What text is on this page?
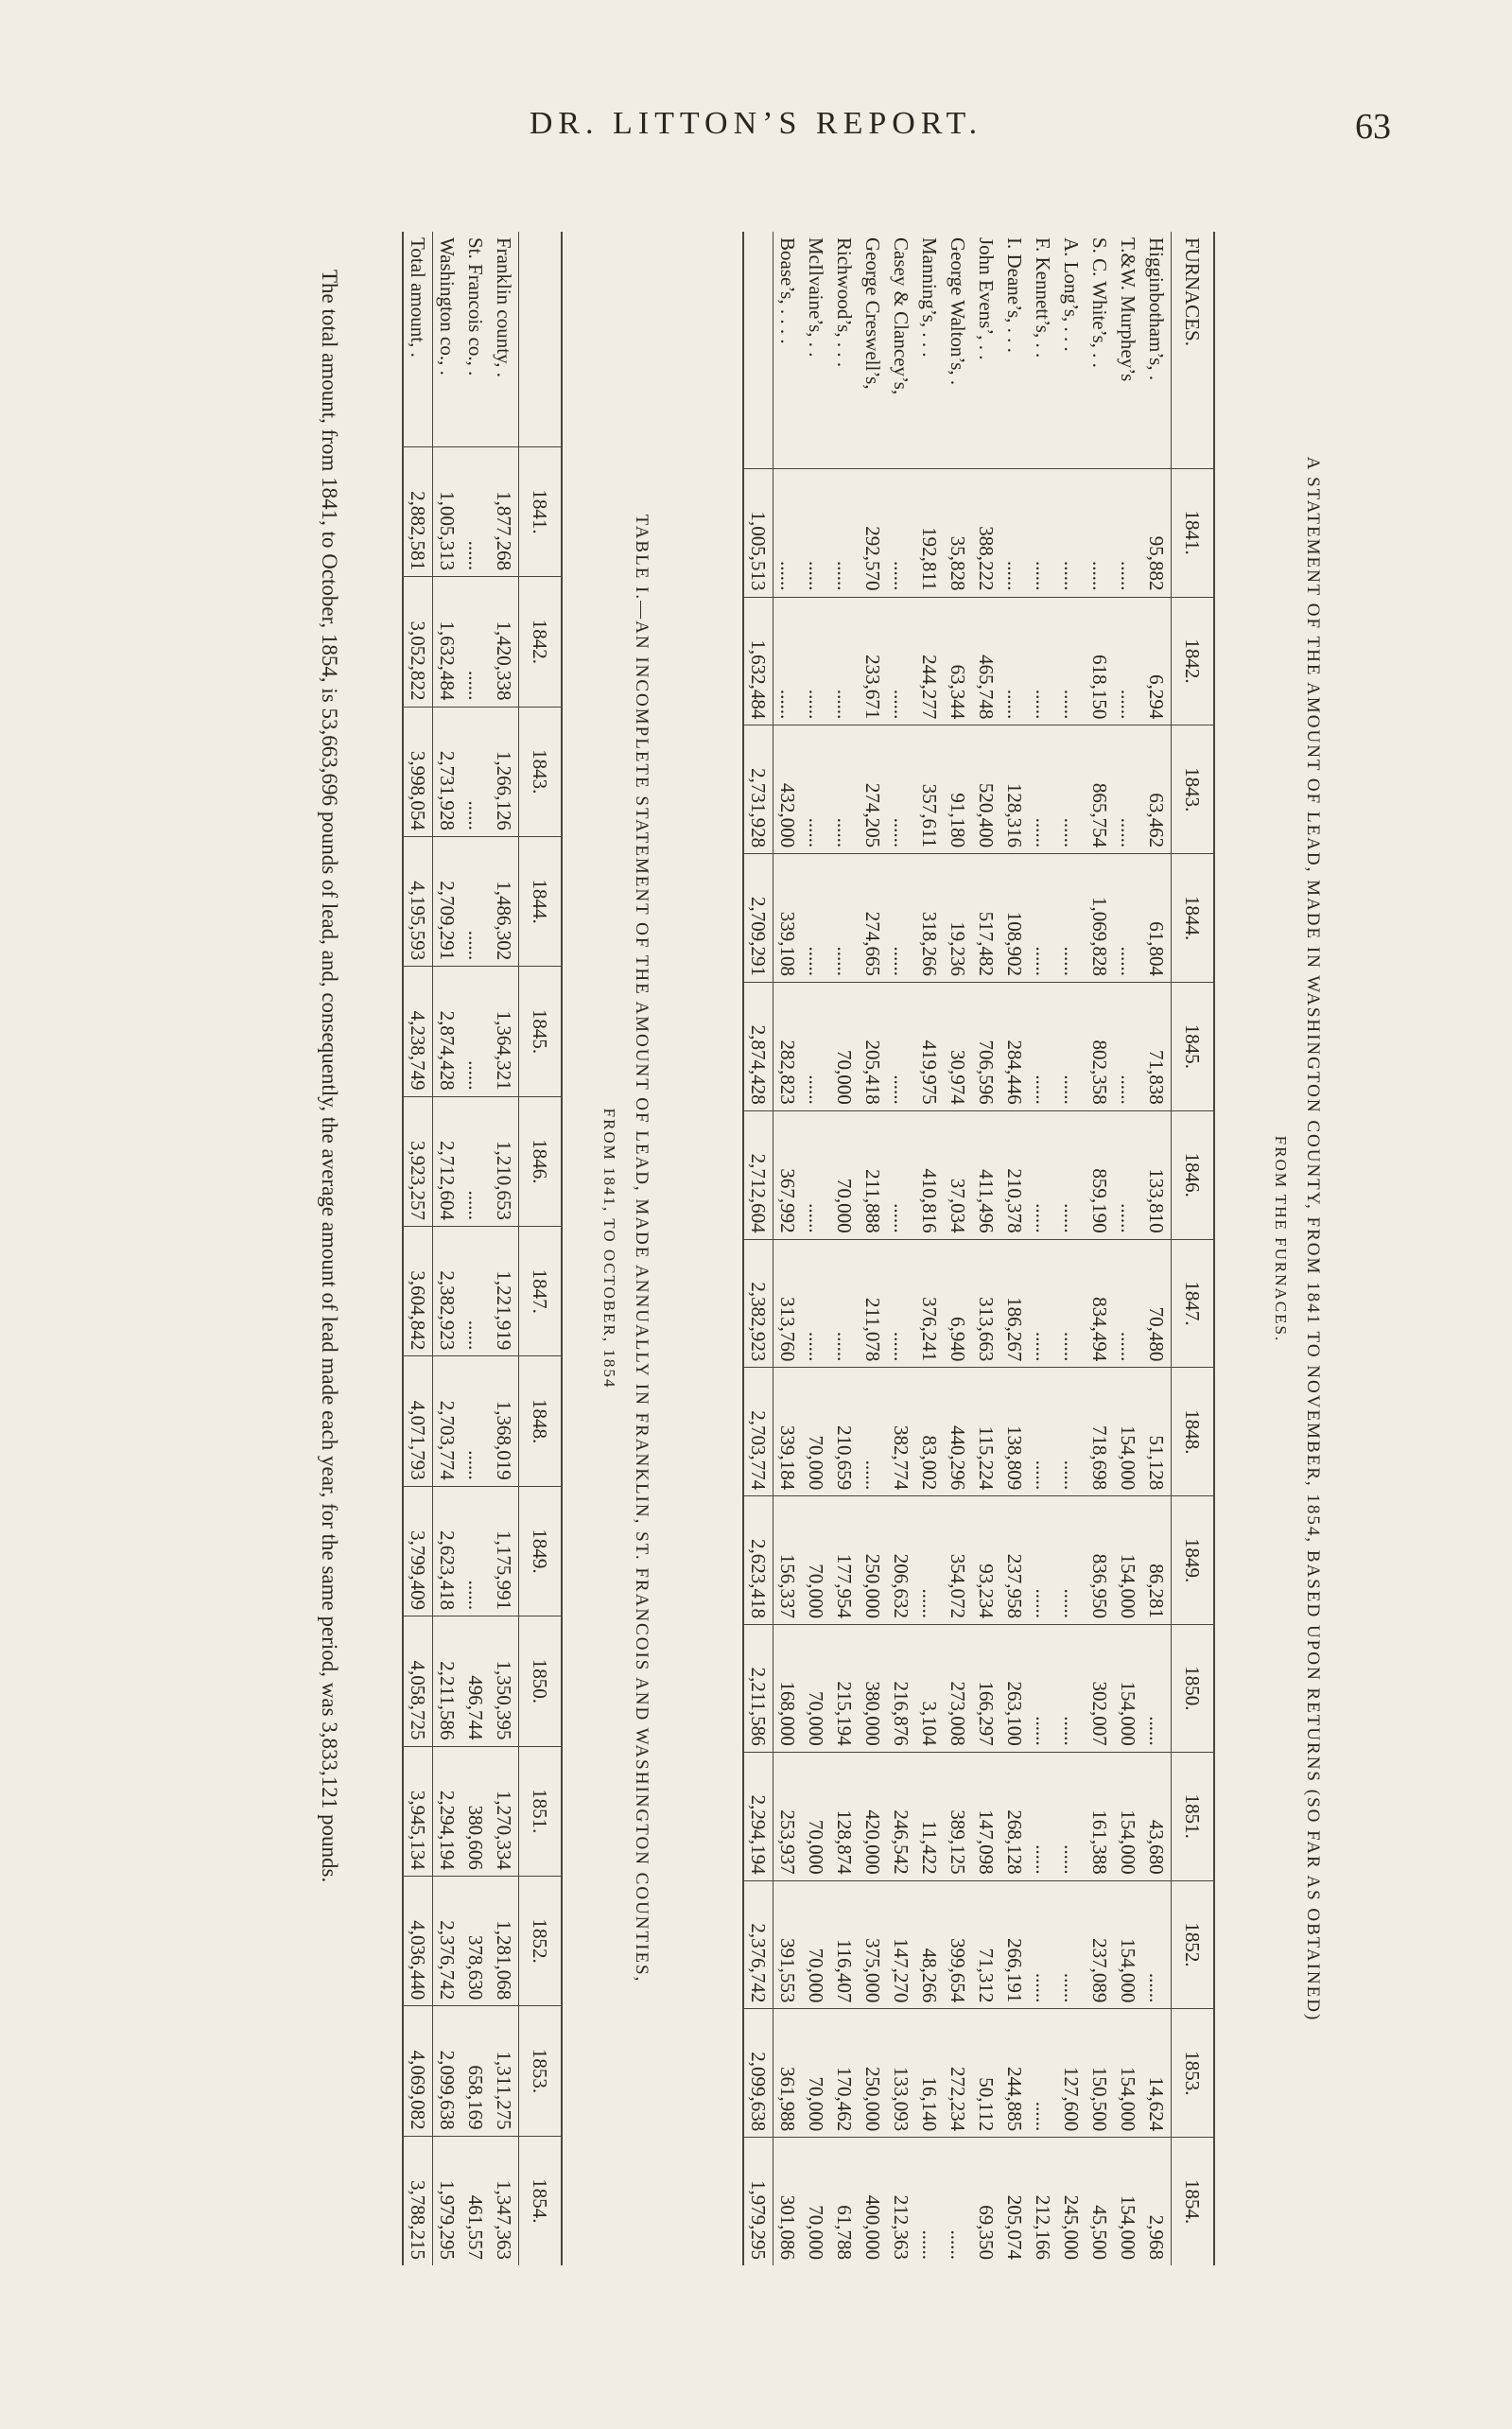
DR. LITTON’S REPORT.	63
A STATEMENT OF THE AMOUNT OF LEAD, MADE IN WASHINGTON COUNTY, FROM 1841 TO NOVEMBER, 1854, BASED UPON RETURNS (SO FAR AS OBTAINED)
FROM THE FURNACES.
FURNACES.	1841.	1842.	1843.	1844.	1845.	1846.	1847.	1848.	1849.	1850.	1851.	1852.	1853.	1854.
Higginbotham’s, .	95,882	6,294	63,462	61,804	71,838	133,810	70,480	51,128	86,281	......	43,680	......	14,624	2,968
T.&W. Murphey’s	......	......	......	......	......	......	......	154,000	154,000	154,000	154,000	154,000	154,000	154,000
S. C. White’s, . .	......	618,150	865,754	1,069,828	802,358	859,190	834,494	718,698	836,950	302,007	161,388	237,089	150,500	45,500
A. Long’s, . . .	......	......	......	......	......	......	......	......	......	......	......	......	127,600	245,000
F. Kennett’s, . .	......	......	......	......	......	......	......	......	......	......	......	......	......	212,166
I. Deane’s, . . .	......	......	128,316	108,902	284,446	210,378	186,267	138,809	237,958	263,100	268,128	266,191	244,885	205,074
John Evens’, . .	388,222	465,748	520,400	517,482	706,596	411,496	313,663	115,224	93,234	166,297	147,098	71,312	50,112	69,350
George Walton’s, .	35,828	63,344	91,180	19,236	30,974	37,034	6,940	440,296	354,072	273,008	389,125	399,654	272,234	......
Manning’s, . . .	192,811	244,277	357,611	318,266	419,975	410,816	376,241	83,002	......	3,104	11,422	48,266	16,140	......
Casey & Clancey’s,	......	......	......	......	......	......	......	382,774	206,632	216,876	246,542	147,270	133,093	212,363
George Creswell’s,	292,570	233,671	274,205	274,665	205,418	211,888	211,078	......	250,000	380,000	420,000	375,000	250,000	400,000
Richwood’s, . . .	......	......	......	......	70,000	70,000	......	210,659	177,954	215,194	128,874	116,407	170,462	61,788
McIlvaine’s, . .	......	......	......	......	......	......	......	70,000	70,000	70,000	70,000	70,000	70,000	70,000
Boase’s, . . . .	......	......	432,000	339,108	282,823	367,992	313,760	339,184	156,337	168,000	253,937	391,553	361,988	301,086
	1,005,513	1,632,484	2,731,928	2,709,291	2,874,428	2,712,604	2,382,923	2,703,774	2,623,418	2,211,586	2,294,194	2,376,742	2,099,638	1,979,295
TABLE I.—AN INCOMPLETE STATEMENT OF THE AMOUNT OF LEAD, MADE ANNUALLY IN FRANKLIN, ST. FRANCOIS AND WASHINGTON COUNTIES,
FROM 1841, TO OCTOBER, 1854
	1841.	1842.	1843.	1844.	1845.	1846.	1847.	1848.	1849.	1850.	1851.	1852.	1853.	1854.
Franklin county, .	1,877,268	1,420,338	1,266,126	1,486,302	1,364,321	1,210,653	1,221,919	1,368,019	1,175,991	1,350,395	1,270,334	1,281,068	1,311,275	1,347,363
St. Francois co., .	......	......	......	......	......	......	......	......	......	496,744	380,606	378,630	658,169	461,557
Washington co., .	1,005,313	1,632,484	2,731,928	2,709,291	2,874,428	2,712,604	2,382,923	2,703,774	2,623,418	2,211,586	2,294,194	2,376,742	2,099,638	1,979,295
Total amount, .	2,882,581	3,052,822	3,998,054	4,195,593	4,238,749	3,923,257	3,604,842	4,071,793	3,799,409	4,058,725	3,945,134	4,036,440	4,069,082	3,788,215
The total amount, from 1841, to October, 1854, is 53,663,696 pounds of lead, and, consequently, the average amount of lead made each year, for the same period, was 3,833,121 pounds.
